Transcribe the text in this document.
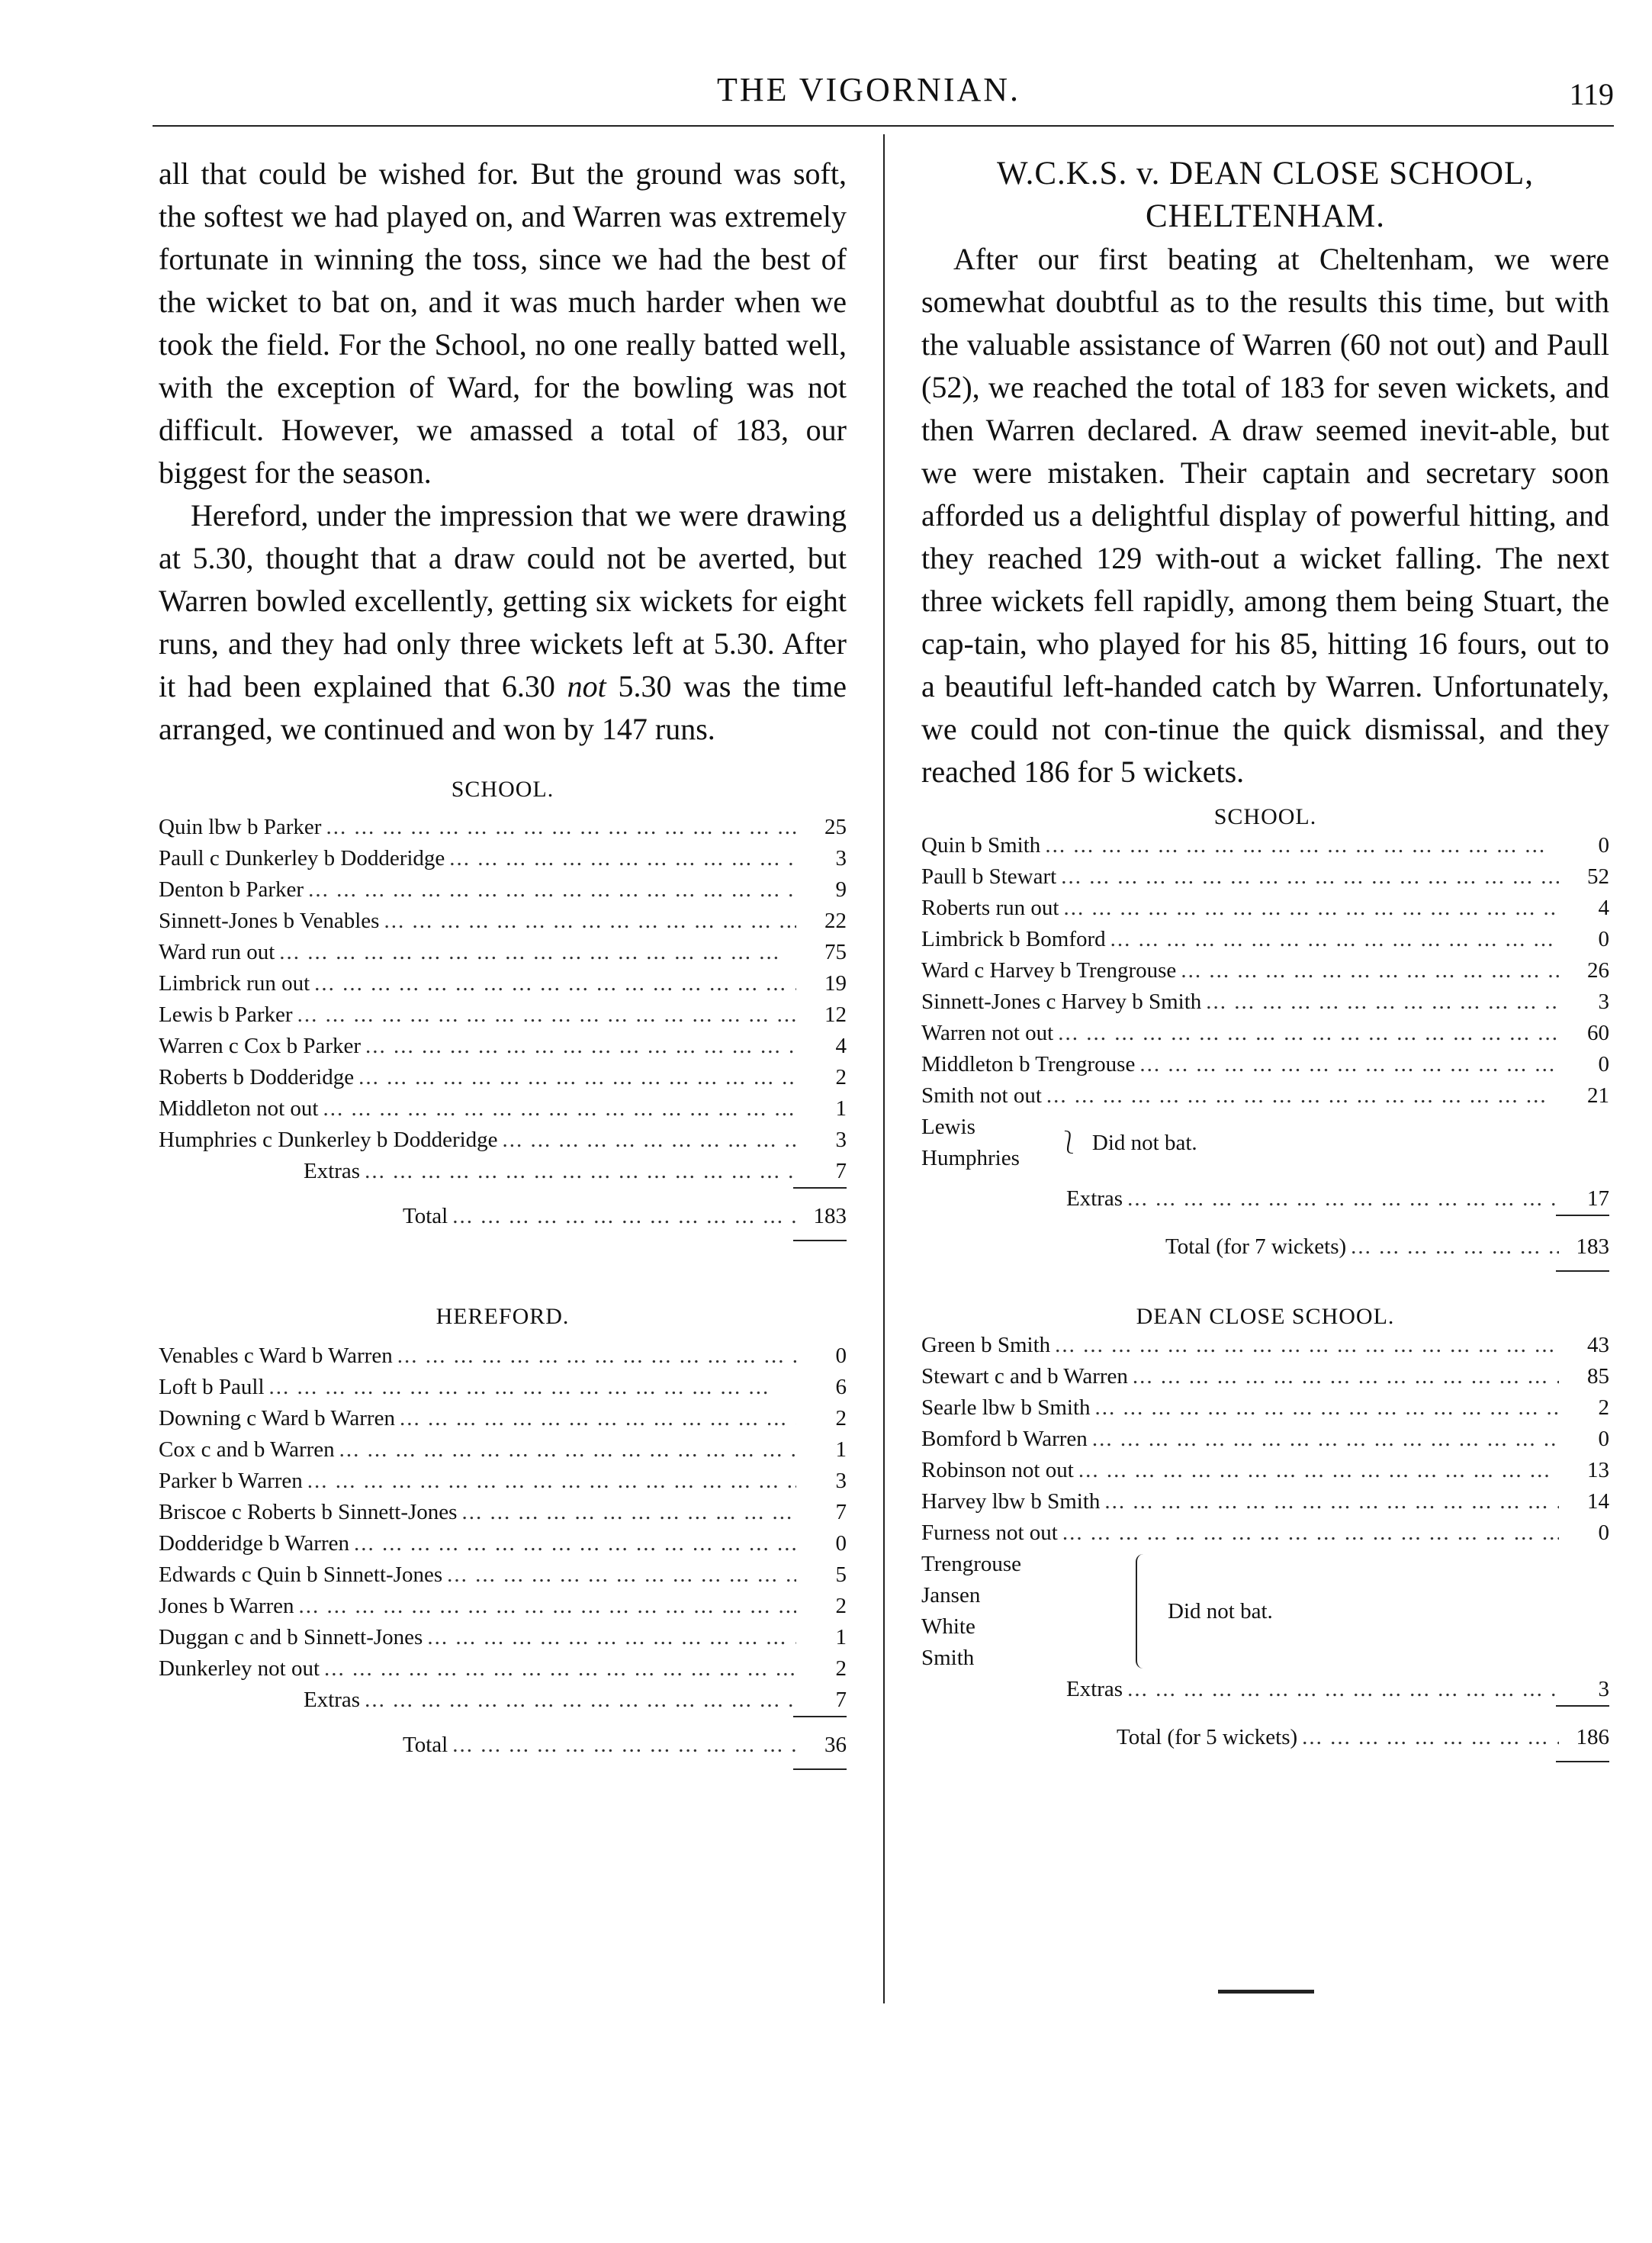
THE VIGORNIAN.	119

all that could be wished for. But the ground was soft, the softest we had played on, and Warren was extremely fortunate in winning the toss, since we had the best of the wicket to bat on, and it was much harder when we took the field. For the School, no one really batted well, with the exception of Ward, for the bowling was not difficult. However, we amassed a total of 183, our biggest for the season.

Hereford, under the impression that we were drawing at 5.30, thought that a draw could not be averted, but Warren bowled excellently, getting six wickets for eight runs, and they had only three wickets left at 5.30. After it had been explained that 6.30 not 5.30 was the time arranged, we continued and won by 147 runs.

SCHOOL.

Quin lbw b Parker ... .	25
Paull c Dunkerley b Dodderidge ... .	3
Denton b Parker ... .	9
Sinnett-Jones b Venables ... .	22
Ward run out ... .	75
Limbrick run out ... .	19
Lewis b Parker ... .	12
Warren c Cox b Parker ... .	4
Roberts b Dodderidge ... .	2
Middleton not out ... .	1
Humphries c Dunkerley b Dodderidge ... .	3
Extras ... .	7
Total ... .	183

HEREFORD.

Venables c Ward b Warren ... .	0
Loft b Paull ... .	6
Downing c Ward b Warren ... .	2
Cox c and b Warren ... .	1
Parker b Warren ... .	3
Briscoe c Roberts b Sinnett-Jones ... .	7
Dodderidge b Warren ... .	0
Edwards c Quin b Sinnett-Jones ... .	5
Jones b Warren ... .	2
Duggan c and b Sinnett-Jones ... .	1
Dunkerley not out ... .	2
Extras ... .	7
Total ... .	36

W.C.K.S. v. DEAN CLOSE SCHOOL,

CHELTENHAM.

After our first beating at Cheltenham, we were somewhat doubtful as to the results this time, but with the valuable assistance of Warren (60 not out) and Paull (52), we reached the total of 183 for seven wickets, and then Warren declared. A draw seemed inevit-able, but we were mistaken. Their captain and secretary soon afforded us a delightful display of powerful hitting, and they reached 129 with-out a wicket falling. The next three wickets fell rapidly, among them being Stuart, the cap-tain, who played for his 85, hitting 16 fours, out to a beautiful left-handed catch by Warren. Unfortunately, we could not con-tinue the quick dismissal, and they reached 186 for 5 wickets.

SCHOOL.

Quin b Smith ... .	0
Paull b Stewart ... .	52
Roberts run out ... .	4
Limbrick b Bomford ... .	0
Ward c Harvey b Trengrouse ... .	26
Sinnett-Jones c Harvey b Smith ... .	3
Warren not out ... .	60
Middleton b Trengrouse ... .	0
Smith not out ... .	21
Lewis
Humphries
⎱ Did not bat.
Extras ... .	17
Total (for 7 wickets) ... .	183

DEAN CLOSE SCHOOL.

Green b Smith ... .	43
Stewart c and b Warren ... .	85
Searle lbw b Smith ... .	2
Bomford b Warren ... .	0
Robinson not out ... .	13
Harvey lbw b Smith ... .	14
Furness not out ... .	0
Trengrouse
Jansen
White
Smith
Did not bat.
Extras ... .	3
Total (for 5 wickets) ... .	186
